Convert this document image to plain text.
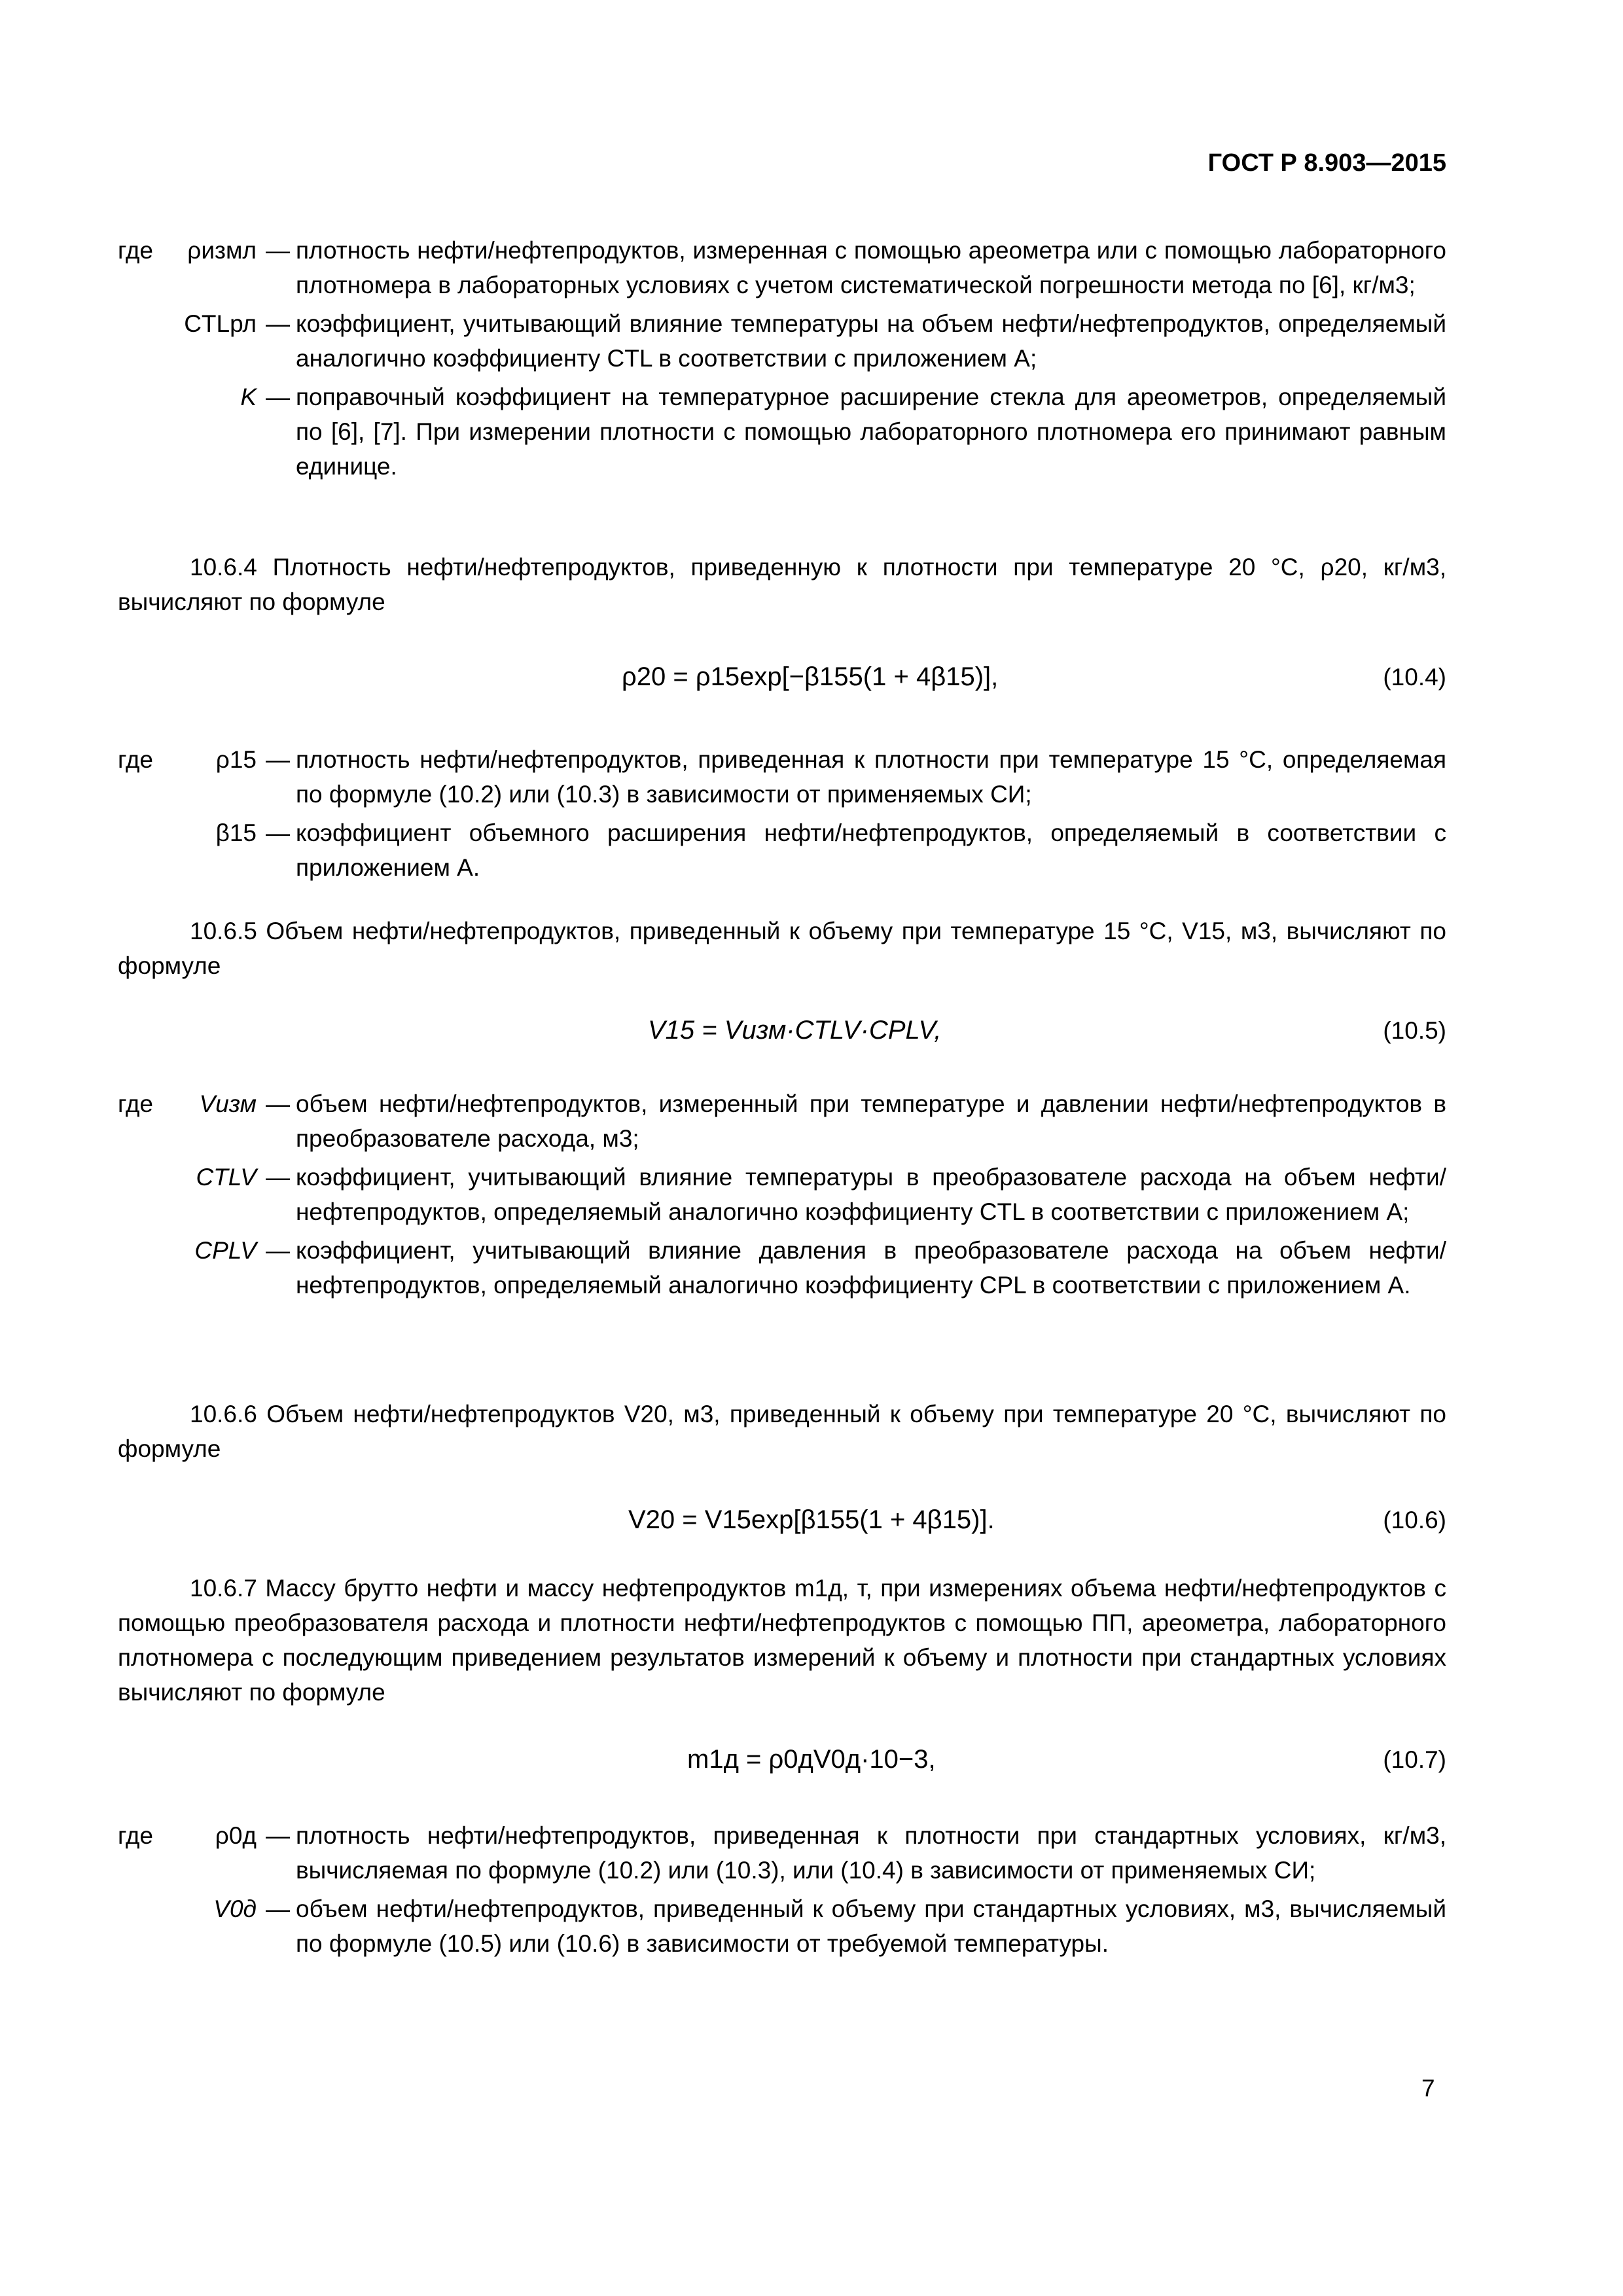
ГОСТ Р 8.903—2015
где	ρизмл — плотность нефти/нефтепродуктов, измеренная с помощью ареометра или с помощью лабораторного плотномера в лабораторных условиях с учетом систематической погрешности метода по [6], кг/м3;
CTLрл — коэффициент, учитывающий влияние температуры на объем нефти/нефтепродуктов, определяемый аналогично коэффициенту CTL в соответствии с приложением А;
K — поправочный коэффициент на температурное расширение стекла для ареометров, определяемый по [6], [7]. При измерении плотности с помощью лабораторного плотномера его принимают равным единице.
10.6.4 Плотность нефти/нефтепродуктов, приведенную к плотности при температуре 20 °С, ρ20, кг/м3, вычисляют по формуле
ρ20 = ρ15exp[−β155(1 + 4β15)],	(10.4)
где	ρ15 — плотность нефти/нефтепродуктов, приведенная к плотности при температуре 15 °С, определяемая по формуле (10.2) или (10.3) в зависимости от применяемых СИ;
β15 — коэффициент объемного расширения нефти/нефтепродуктов, определяемый в соответствии с приложением А.
10.6.5 Объем нефти/нефтепродуктов, приведенный к объему при температуре 15 °С, V15, м3, вычисляют по формуле
V15 = Vизм·CTLV·CPLV,	(10.5)
где	Vизм — объем нефти/нефтепродуктов, измеренный при температуре и давлении нефти/нефтепродуктов в преобразователе расхода, м3;
CTLV — коэффициент, учитывающий влияние температуры в преобразователе расхода на объем нефти/нефтепродуктов, определяемый аналогично коэффициенту CTL в соответствии с приложением А;
CPLV — коэффициент, учитывающий влияние давления в преобразователе расхода на объем нефти/нефтепродуктов, определяемый аналогично коэффициенту CPL в соответствии с приложением А.
10.6.6 Объем нефти/нефтепродуктов V20, м3, приведенный к объему при температуре 20 °С, вычисляют по формуле
V20 = V15exp[β155(1 + 4β15)].	(10.6)
10.6.7 Массу брутто нефти и массу нефтепродуктов m1д, т, при измерениях объема нефти/нефтепродуктов с помощью преобразователя расхода и плотности нефти/нефтепродуктов с помощью ПП, ареометра, лабораторного плотномера с последующим приведением результатов измерений к объему и плотности при стандартных условиях вычисляют по формуле
m1д = ρ0дV0д·10−3,	(10.7)
где	ρ0д — плотность нефти/нефтепродуктов, приведенная к плотности при стандартных условиях, кг/м3, вычисляемая по формуле (10.2) или (10.3), или (10.4) в зависимости от применяемых СИ;
V0д — объем нефти/нефтепродуктов, приведенный к объему при стандартных условиях, м3, вычисляемый по формуле (10.5) или (10.6) в зависимости от требуемой температуры.
7
